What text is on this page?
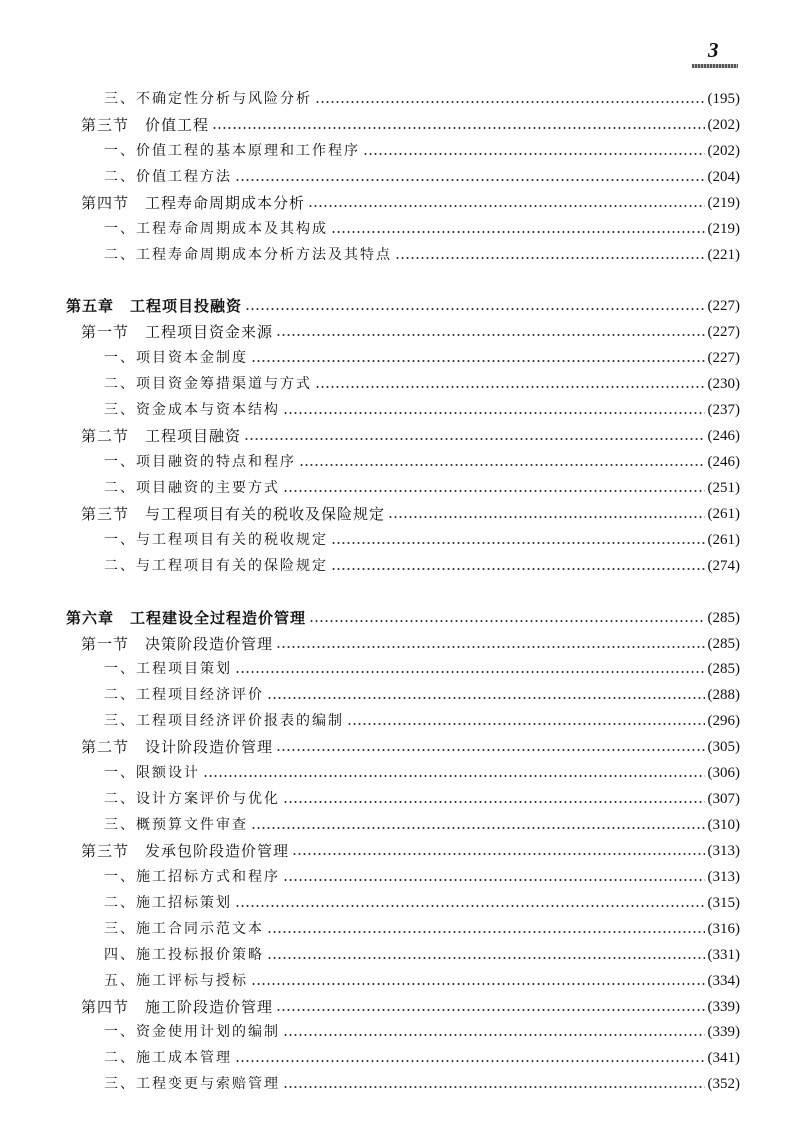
3
三、不确定性分析与风险分析	(195)
第三节　价值工程	(202)
一、价值工程的基本原理和工作程序	(202)
二、价值工程方法	(204)
第四节　工程寿命周期成本分析	(219)
一、工程寿命周期成本及其构成	(219)
二、工程寿命周期成本分析方法及其特点	(221)
第五章　工程项目投融资	(227)
第一节　工程项目资金来源	(227)
一、项目资本金制度	(227)
二、项目资金筹措渠道与方式	(230)
三、资金成本与资本结构	(237)
第二节　工程项目融资	(246)
一、项目融资的特点和程序	(246)
二、项目融资的主要方式	(251)
第三节　与工程项目有关的税收及保险规定	(261)
一、与工程项目有关的税收规定	(261)
二、与工程项目有关的保险规定	(274)
第六章　工程建设全过程造价管理	(285)
第一节　决策阶段造价管理	(285)
一、工程项目策划	(285)
二、工程项目经济评价	(288)
三、工程项目经济评价报表的编制	(296)
第二节　设计阶段造价管理	(305)
一、限额设计	(306)
二、设计方案评价与优化	(307)
三、概预算文件审查	(310)
第三节　发承包阶段造价管理	(313)
一、施工招标方式和程序	(313)
二、施工招标策划	(315)
三、施工合同示范文本	(316)
四、施工投标报价策略	(331)
五、施工评标与授标	(334)
第四节　施工阶段造价管理	(339)
一、资金使用计划的编制	(339)
二、施工成本管理	(341)
三、工程变更与索赔管理	(352)
